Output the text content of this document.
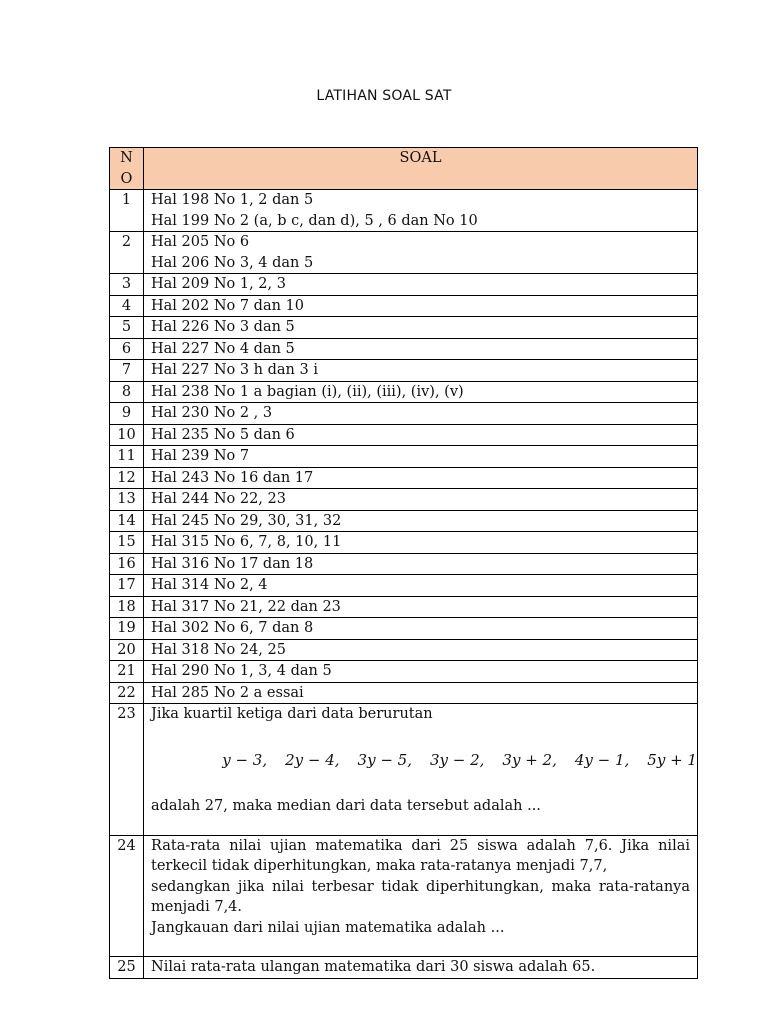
LATIHAN SOAL SAT
N
O	SOAL
1	Hal 198 No 1, 2 dan 5
Hal 199 No 2 (a, b c, dan d), 5 , 6 dan No 10

2	Hal 205 No 6
Hal 206 No 3, 4 dan 5

3	Hal 209 No 1, 2, 3

4	Hal 202 No 7 dan 10

5	Hal 226 No 3 dan 5

6	Hal 227 No 4 dan 5

7	Hal 227 No 3 h dan 3 i

8	Hal 238 No 1 a bagian (i), (ii), (iii), (iv), (v)

9	Hal 230 No 2 , 3

10	Hal 235 No 5 dan 6

11	Hal 239 No 7

12	Hal 243 No 16 dan 17

13	Hal 244 No 22, 23

14	Hal 245 No 29, 30, 31, 32

15	Hal 315 No 6, 7, 8, 10, 11

16	Hal 316 No 17 dan 18

17	Hal 314 No 2, 4

18	Hal 317 No 21, 22 dan 23

19	Hal 302 No 6, 7 dan 8

20	Hal 318 No 24, 25

21	Hal 290 No 1, 3, 4 dan 5

22	Hal 285 No 2 a essai

23	Jika kuartil ketiga dari data berurutan

y − 3, 2y − 4, 3y − 5, 3y − 2, 3y + 2, 4y − 1, 5y + 1

adalah 27, maka median dari data tersebut adalah ...

24	Rata-rata nilai ujian matematika dari 25 siswa adalah 7,6. Jika nilai terkecil tidak diperhitungkan, maka rata-ratanya menjadi 7,7,
sedangkan jika nilai terbesar tidak diperhitungkan, maka rata-ratanya menjadi 7,4.
Jangkauan dari nilai ujian matematika adalah ...

25	Nilai rata-rata ulangan matematika dari 30 siswa adalah 65.
